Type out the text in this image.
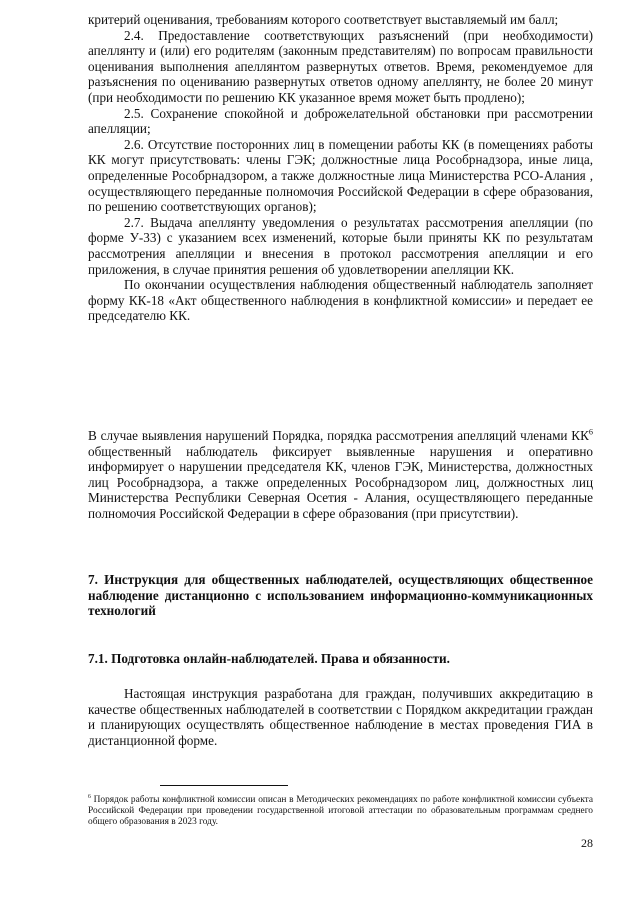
критерий оценивания, требованиям которого соответствует выставляемый им балл;

2.4. Предоставление соответствующих разъяснений (при необходимости) апеллянту и (или) его родителям (законным представителям) по вопросам правильности оценивания выполнения апеллянтом развернутых ответов. Время, рекомендуемое для разъяснения по оцениванию развернутых ответов одному апеллянту, не более 20 минут (при необходимости по решению КК указанное время может быть продлено);

2.5. Сохранение спокойной и доброжелательной обстановки при рассмотрении апелляции;

2.6. Отсутствие посторонних лиц в помещении работы КК (в помещениях работы КК могут присутствовать: члены ГЭК; должностные лица Рособрнадзора, иные лица, определенные Рособрнадзором, а также должностные лица Министерства РСО-Алания , осуществляющего переданные полномочия Российской Федерации в сфере образования, по решению соответствующих органов);

2.7. Выдача апеллянту уведомления о результатах рассмотрения апелляции (по форме У-33) с указанием всех изменений, которые были приняты КК по результатам рассмотрения апелляции и внесения в протокол рассмотрения апелляции и его приложения, в случае принятия решения об удовлетворении апелляции КК.

По окончании осуществления наблюдения общественный наблюдатель заполняет форму КК-18 «Акт общественного наблюдения в конфликтной комиссии» и передает ее председателю КК.

В случае выявления нарушений Порядка, порядка рассмотрения апелляций членами $КК^6$ общественный наблюдатель фиксирует выявленные нарушения и оперативно информирует о нарушении председателя КК, членов ГЭК, Министерства, должностных лиц Рособрнадзора, а также определенных Рособрнадзором лиц, должностных лиц Министерства Республики Северная Осетия - Алания, осуществляющего переданные полномочия Российской Федерации в сфере образования (при присутствии).

7. Инструкция для общественных наблюдателей, осуществляющих общественное наблюдение дистанционно с использованием информационно-коммуникационных технологий

7.1. Подготовка онлайн-наблюдателей. Права и обязанности.

Настоящая инструкция разработана для граждан, получивших аккредитацию в качестве общественных наблюдателей в соответствии с Порядком аккредитации граждан и планирующих осуществлять общественное наблюдение в местах проведения ГИА в дистанционной форме.

$^6$ Порядок работы конфликтной комиссии описан в Методических рекомендациях по работе конфликтной комиссии субъекта Российской Федерации при проведении государственной итоговой аттестации по образовательным программам среднего общего образования в 2023 году.
28
